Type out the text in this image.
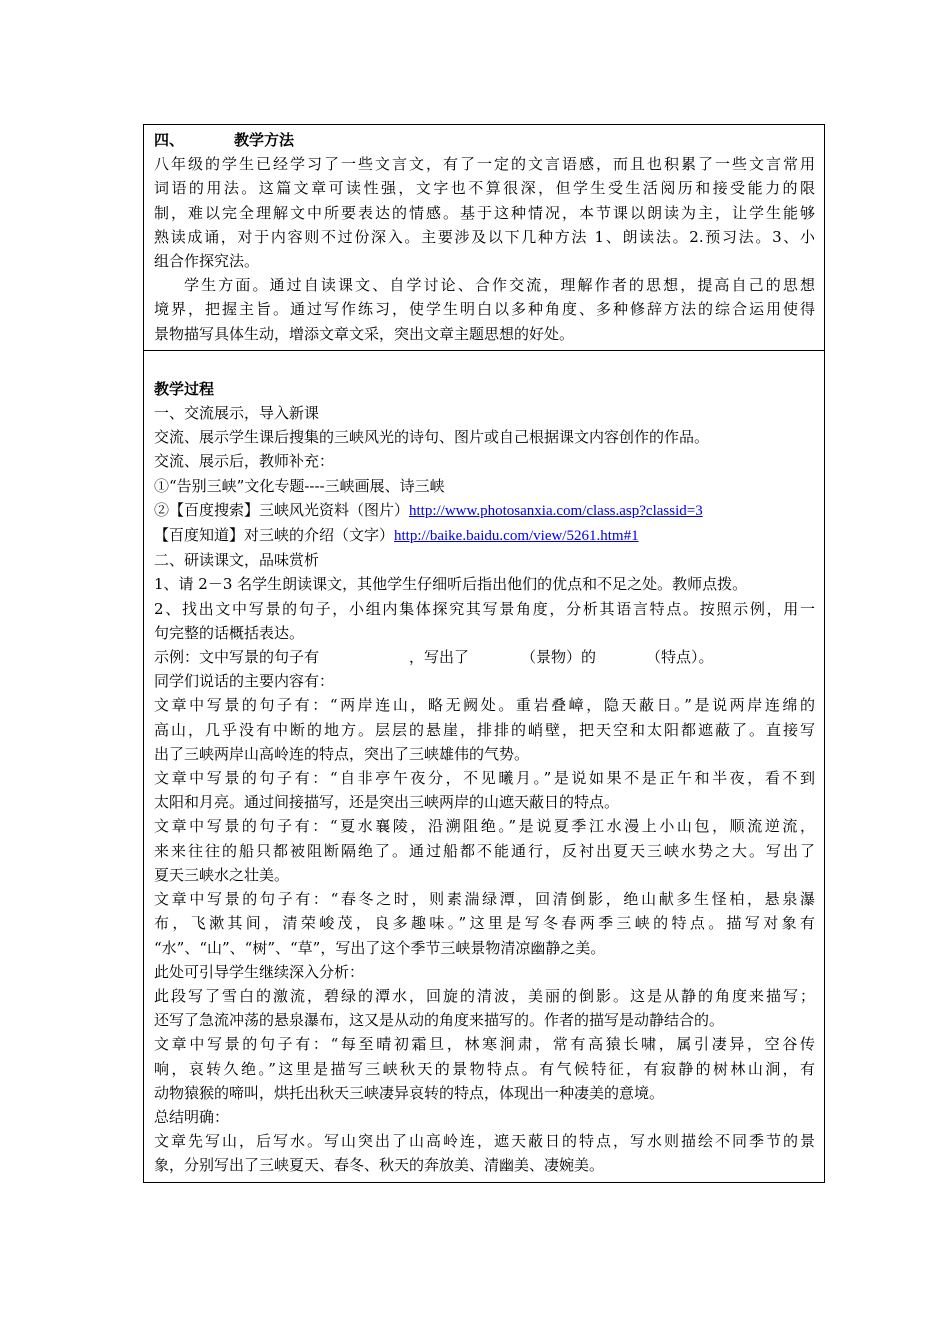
四、	教学方法
八年级的学生已经学习了一些文言文，有了一定的文言语感，而且也积累了一些文言常用
词语的用法。这篇文章可读性强，文字也不算很深，但学生受生活阅历和接受能力的限
制，难以完全理解文中所要表达的情感。基于这种情况，本节课以朗读为主，让学生能够
熟读成诵，对于内容则不过份深入。主要涉及以下几种方法 1、朗读法。2.预习法。3、小
组合作探究法。
学生方面。通过自读课文、自学讨论、合作交流，理解作者的思想，提高自己的思想
境界，把握主旨。通过写作练习，使学生明白以多种角度、多种修辞方法的综合运用使得
景物描写具体生动，增添文章文采，突出文章主题思想的好处。

教学过程
一、交流展示，导入新课
交流、展示学生课后搜集的三峡风光的诗句、图片或自己根据课文内容创作的作品。
交流、展示后，教师补充：
①“告别三峡”文化专题----三峡画展、诗三峡
②【百度搜索】三峡风光资料（图片）http://www.photosanxia.com/class.asp?classid=3
【百度知道】对三峡的介绍（文字）http://baike.baidu.com/view/5261.htm#1
二、研读课文，品味赏析
1、请 2－3 名学生朗读课文，其他学生仔细听后指出他们的优点和不足之处。教师点拨。
2、找出文中写景的句子，小组内集体探究其写景角度，分析其语言特点。按照示例，用一
句完整的话概括表达。
示例：文中写景的句子有	，写出了	（景物）的	（特点）。
同学们说话的主要内容有：
文章中写景的句子有：“两岸连山，略无阙处。重岩叠嶂，隐天蔽日。”是说两岸连绵的
高山，几乎没有中断的地方。层层的悬崖，排排的峭壁，把天空和太阳都遮蔽了。直接写
出了三峡两岸山高岭连的特点，突出了三峡雄伟的气势。
文章中写景的句子有：“自非亭午夜分，不见曦月。”是说如果不是正午和半夜，看不到
太阳和月亮。通过间接描写，还是突出三峡两岸的山遮天蔽日的特点。
文章中写景的句子有：“夏水襄陵，沿溯阻绝。”是说夏季江水漫上小山包，顺流逆流，
来来往往的船只都被阻断隔绝了。通过船都不能通行，反衬出夏天三峡水势之大。写出了
夏天三峡水之壮美。
文章中写景的句子有：“春冬之时，则素湍绿潭，回清倒影，绝山献多生怪柏，悬泉瀑
布，飞漱其间，清荣峻茂，良多趣味。”这里是写冬春两季三峡的特点。描写对象有
“水”、“山”、“树”、“草”，写出了这个季节三峡景物清凉幽静之美。
此处可引导学生继续深入分析：
此段写了雪白的激流，碧绿的潭水，回旋的清波，美丽的倒影。这是从静的角度来描写；
还写了急流冲荡的悬泉瀑布，这又是从动的角度来描写的。作者的描写是动静结合的。
文章中写景的句子有：“每至晴初霜旦，林寒涧肃，常有高猿长啸，属引凄异，空谷传
响，哀转久绝。”这里是描写三峡秋天的景物特点。有气候特征，有寂静的树林山涧，有
动物猿猴的啼叫，烘托出秋天三峡凄异哀转的特点，体现出一种凄美的意境。
总结明确：
文章先写山，后写水。写山突出了山高岭连，遮天蔽日的特点，写水则描绘不同季节的景
象，分别写出了三峡夏天、春冬、秋天的奔放美、清幽美、凄婉美。
